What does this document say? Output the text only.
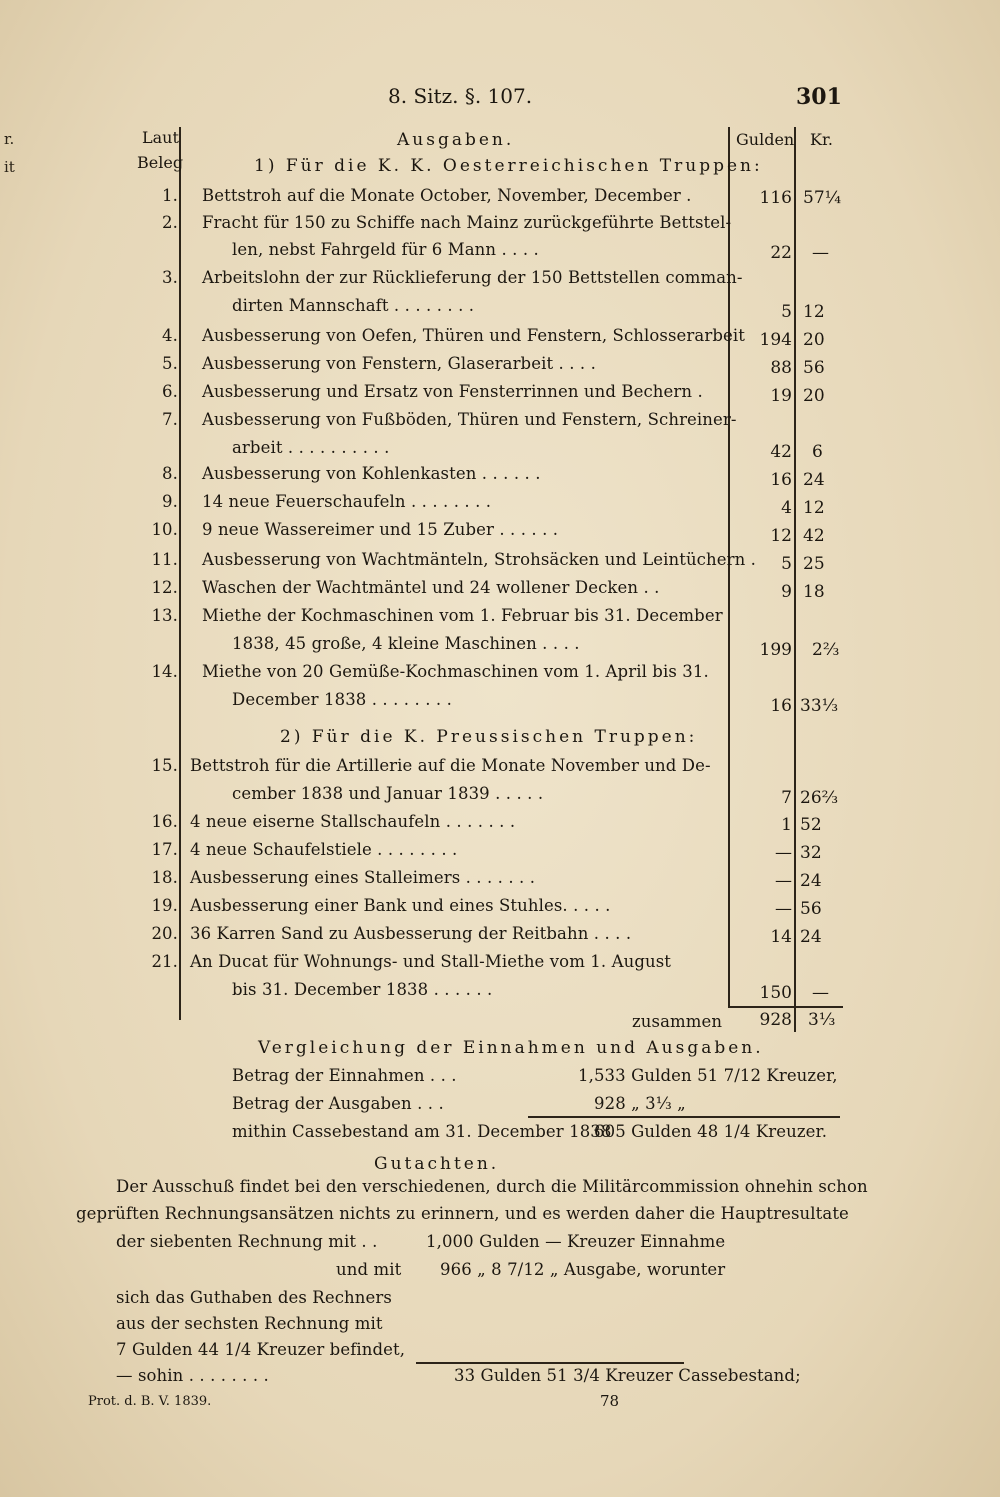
r.
it
8. Sitz. §. 107.	301
Laut
Beleg
Ausgaben.	Gulden Kr.
1) Für die K. K. Oesterreichischen Truppen:
1. Bettstroh auf die Monate October, November, December .	116 57¼
2. Fracht für 150 zu Schiffe nach Mainz zurückgeführte Bettstel-
len, nebst Fahrgeld für 6 Mann . . . .	22 —
3. Arbeitslohn der zur Rücklieferung der 150 Bettstellen comman-
dirten Mannschaft . . . . . . . .	5 12
4. Ausbesserung von Oefen, Thüren und Fenstern, Schlosserarbeit 194 20
5. Ausbesserung von Fenstern, Glaserarbeit . . . .	88 56
6. Ausbesserung und Ersatz von Fensterrinnen und Bechern .	19 20
7. Ausbesserung von Fußböden, Thüren und Fenstern, Schreiner-
arbeit . . . . . . . . . .	42 6
8. Ausbesserung von Kohlenkasten . . . . . .	16 24
9. 14 neue Feuerschaufeln . . . . . . . .	4 12
10. 9 neue Wassereimer und 15 Zuber . . . . . .	12 42
11. Ausbesserung von Wachtmänteln, Strohsäcken und Leintüchern .	5 25
12. Waschen der Wachtmäntel und 24 wollener Decken . .	9 18
13. Miethe der Kochmaschinen vom 1. Februar bis 31. December
1838, 45 große, 4 kleine Maschinen . . . .	199 2⅔
14. Miethe von 20 Gemüße-Kochmaschinen vom 1. April bis 31.
December 1838 . . . . . . . .	16 33⅓
2) Für die K. Preussischen Truppen:
15. Bettstroh für die Artillerie auf die Monate November und De-
cember 1838 und Januar 1839 . . . . .	7 26⅔
16. 4 neue eiserne Stallschaufeln . . . . . . .	1 52
17. 4 neue Schaufelstiele . . . . . . . .	— 32
18. Ausbesserung eines Stalleimers . . . . . . .	— 24
19. Ausbesserung einer Bank und eines Stuhles. . . . .	— 56
20. 36 Karren Sand zu Ausbesserung der Reitbahn . . . .	14 24
21. An Ducat für Wohnungs- und Stall-Miethe vom 1. August
bis 31. December 1838 . . . . . .	150 —
zusammen	928 3⅓
Vergleichung der Einnahmen und Ausgaben.
Betrag der Einnahmen . . .	1,533 Gulden 51 7/12 Kreuzer,
Betrag der Ausgaben . . .	928 „ 3⅓ „
mithin Cassebestand am 31. December 1838
605 Gulden 48 1/4 Kreuzer.
Gutachten.
Der Ausschuß findet bei den verschiedenen, durch die Militärcommission ohnehin schon
geprüften Rechnungsansätzen nichts zu erinnern, und es werden daher die Hauptresultate
der siebenten Rechnung mit . .	1,000 Gulden — Kreuzer Einnahme
und mit 966 „ 8 7/12 „ Ausgabe, worunter
sich das Guthaben des Rechners
aus der sechsten Rechnung mit
7 Gulden 44 1/4 Kreuzer befindet,
— sohin . . . . . . . .	33 Gulden 51 3/4 Kreuzer Cassebestand;
Prot. d. B. V. 1839.	78
